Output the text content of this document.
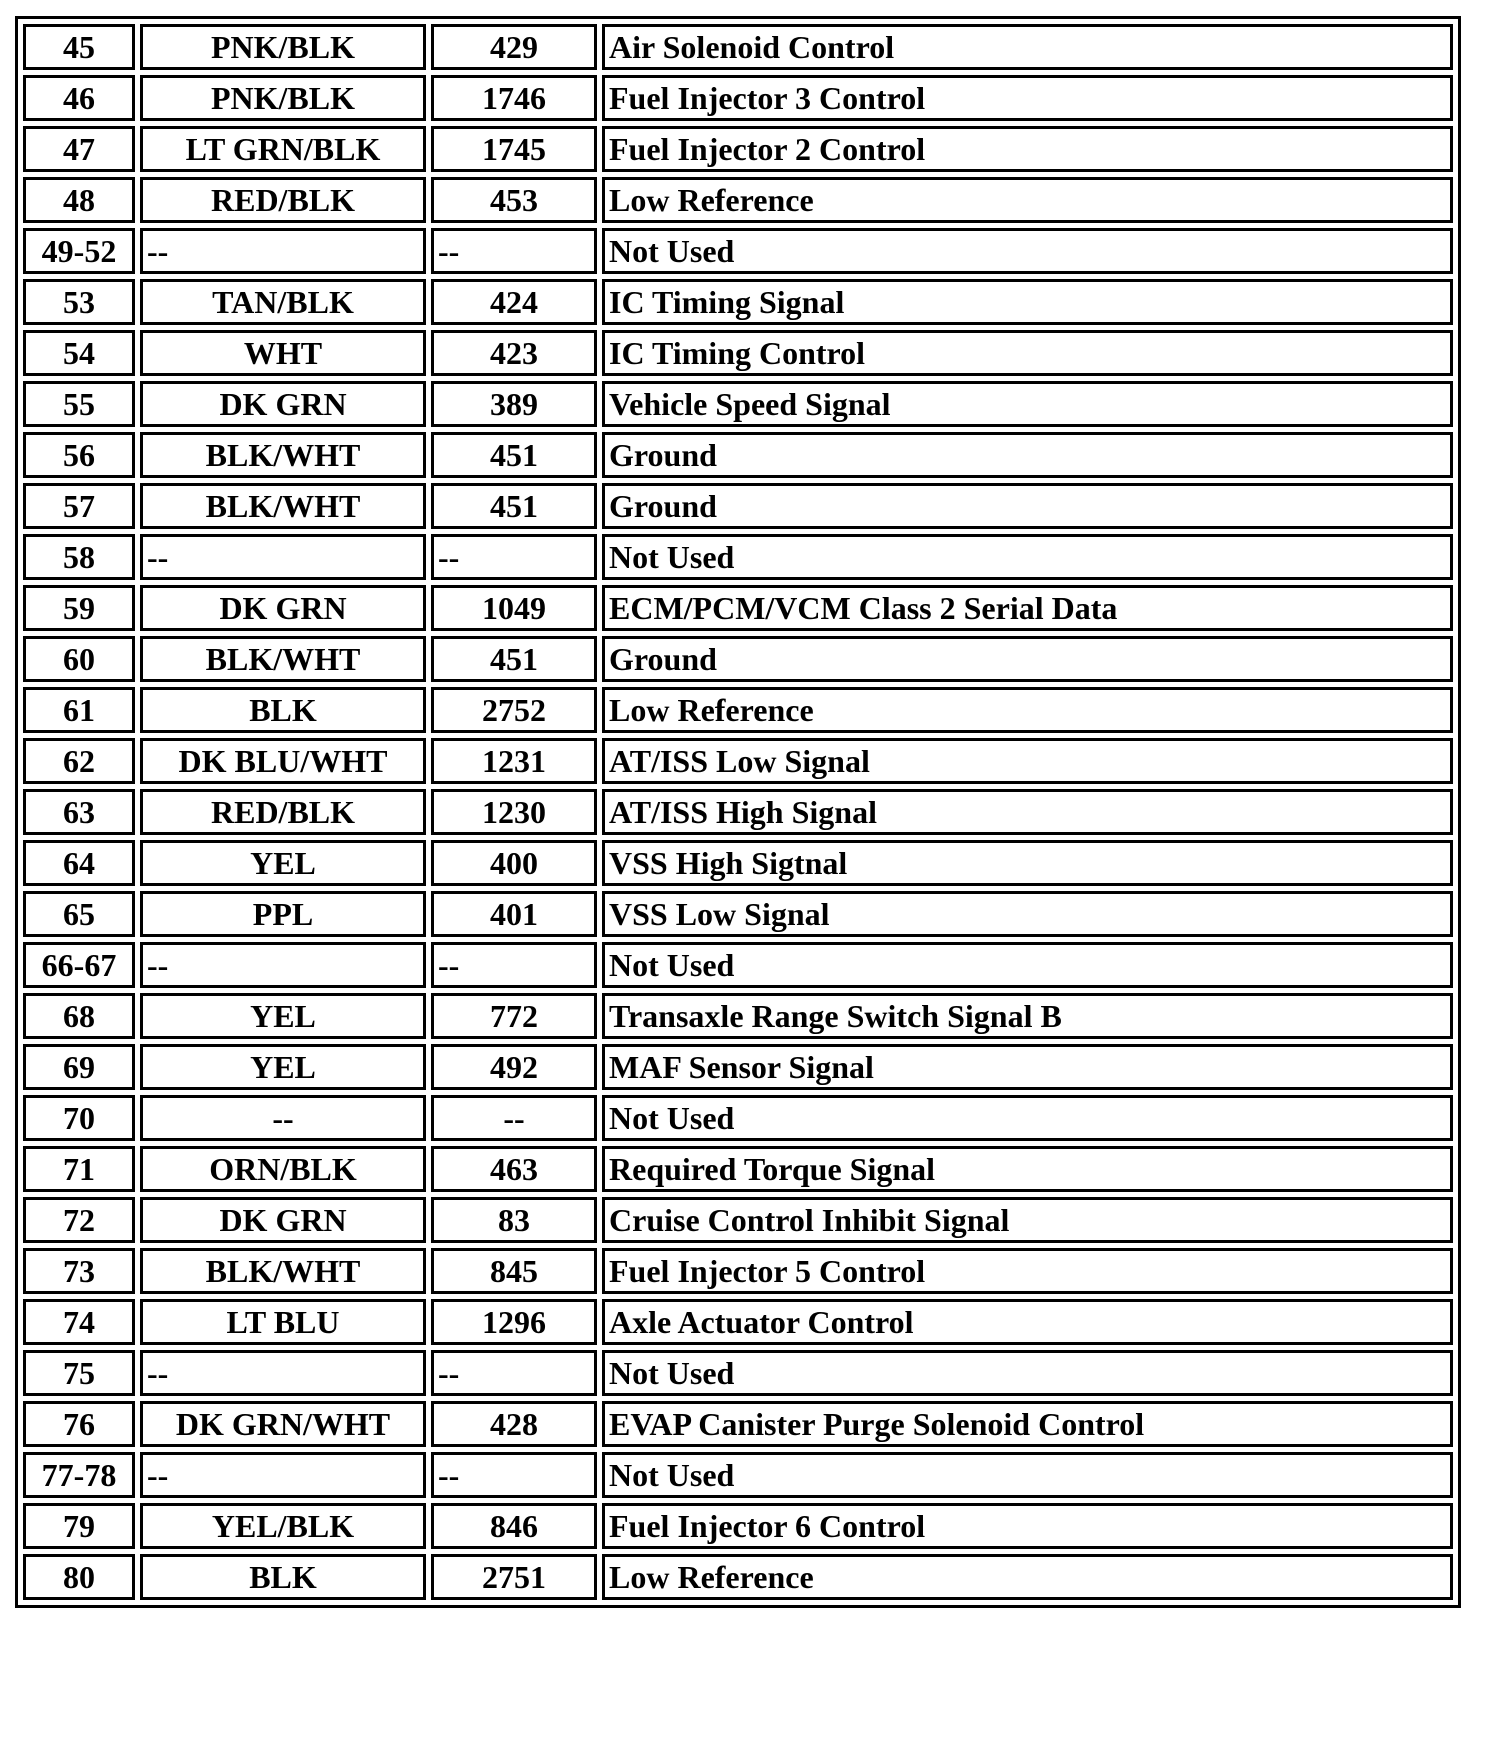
45	PNK/BLK	429	Air Solenoid Control
46	PNK/BLK	1746	Fuel Injector 3 Control
47	LT GRN/BLK	1745	Fuel Injector 2 Control
48	RED/BLK	453	Low Reference
49-52	--	--	Not Used
53	TAN/BLK	424	IC Timing Signal
54	WHT	423	IC Timing Control
55	DK GRN	389	Vehicle Speed Signal
56	BLK/WHT	451	Ground
57	BLK/WHT	451	Ground
58	--	--	Not Used
59	DK GRN	1049	ECM/PCM/VCM Class 2 Serial Data
60	BLK/WHT	451	Ground
61	BLK	2752	Low Reference
62	DK BLU/WHT	1231	AT/ISS Low Signal
63	RED/BLK	1230	AT/ISS High Signal
64	YEL	400	VSS High Sigtnal
65	PPL	401	VSS Low Signal
66-67	--	--	Not Used
68	YEL	772	Transaxle Range Switch Signal B
69	YEL	492	MAF Sensor Signal
70	--	--	Not Used
71	ORN/BLK	463	Required Torque Signal
72	DK GRN	83	Cruise Control Inhibit Signal
73	BLK/WHT	845	Fuel Injector 5 Control
74	LT BLU	1296	Axle Actuator Control
75	--	--	Not Used
76	DK GRN/WHT	428	EVAP Canister Purge Solenoid Control
77-78	--	--	Not Used
79	YEL/BLK	846	Fuel Injector 6 Control
80	BLK	2751	Low Reference
